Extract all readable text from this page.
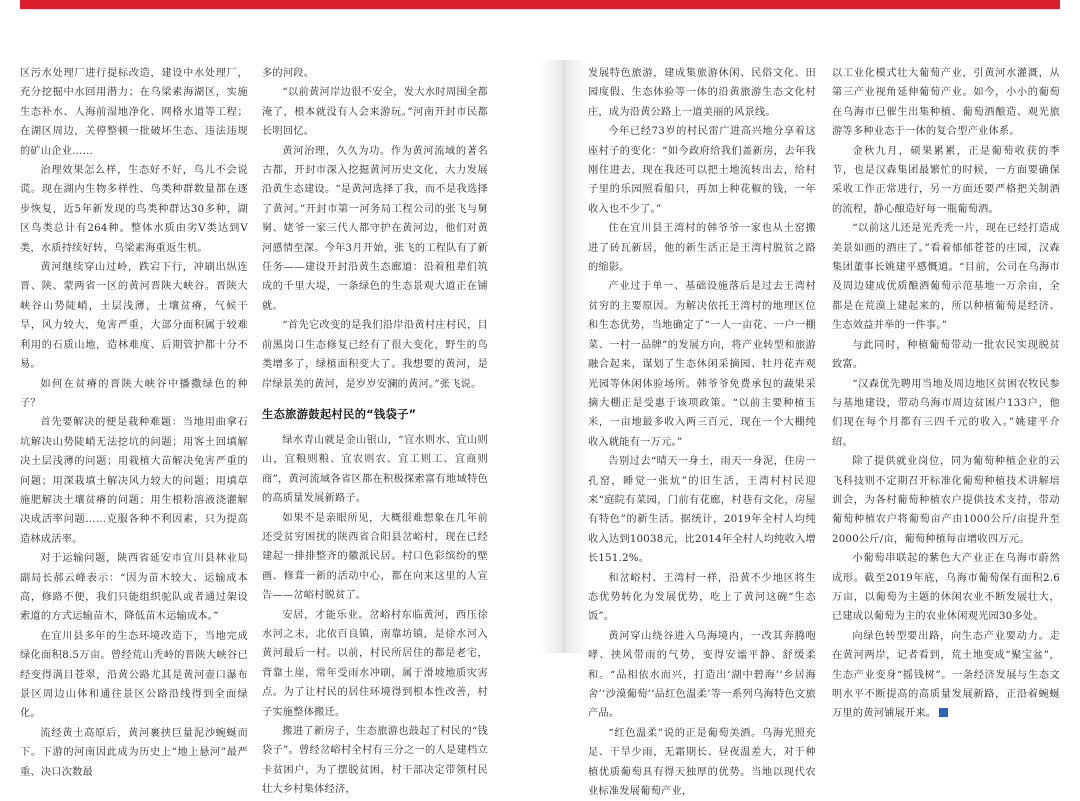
区污水处理厂进行提标改造，建设中水处理厂，充分挖掘中水回用潜力；在乌梁素海湖区，实施生态补水、人海前湿地净化、网格水道等工程；在湖区周边，关停整顿一批破坏生态、违法违规的矿山企业……

治理效果怎么样，生态好不好，鸟儿不会说谎。现在湖内生物多样性、鸟类种群数量都在逐步恢复，近5年新发现的鸟类种群达30多种，湖区鸟类总计有264种。整体水质由劣Ⅴ类达到Ⅴ类，水质持续好转，乌梁素海重返生机。

黄河继续穿山过岭，跌宕下行，冲刷出纵连晋、陕、蒙两省一区的黄河晋陕大峡谷。晋陕大峡谷山势陡峭，土层浅薄，土壤贫瘠，气候干旱，风力较大，兔害严重，大部分面积属于较难利用的石质山地，造林难度、后期管护都十分不易。

如何在贫瘠的晋陕大峡谷中播撒绿色的种子？

首先要解决的便是栽种难题：当地用曲拿石坑解决山势陡峭无法挖坑的问题；用客土回填解决土层浅薄的问题；用栽植大苗解决兔害严重的问题；用深栽填土解决风力较大的问题；用填草施肥解决土壤贫瘠的问题；用生根粉溶液浇灌解决成活率问题……克服各种不利因素，只为提高造林成活率。

对于运输问题，陕西省延安市宜川县林业局副局长郝云峰表示：“因为苗木较大、运输成本高，修路不便，我们只能组织驼队或者通过架设索道的方式运输苗木，降低苗木运输成本。”

在宜川县多年的生态环境改造下，当地完成绿化面积8.5万亩。曾经荒山秃岭的晋陕大峡谷已经变得满目苍翠，沿黄公路尤其是黄河壶口瀑布景区周边山体和通往景区公路沿线得到全面绿化。

流经黄土高原后，黄河裹挟巨量泥沙蜿蜒而下。下游的河南因此成为历史上“地上悬河”最严重、决口次数最

多的河段。

“以前黄河岸边很不安全，发大水时周围全都淹了，根本就没有人会来游玩。”河南开封市民都长明回忆。

黄河治理，久久为功。作为黄河流域的著名古都，开封市深入挖掘黄河历史文化，大力发展沿黄生态建设。“是黄河选择了我，而不是我选择了黄河。”开封市第一河务局工程公司的张飞与舅舅、姥爷一家三代人都守护在黄河边，他们对黄河感情至深。今年3月开始，张飞的工程队有了新任务——建设开封沿黄生态廊道：沿着租辈们筑成的千里大堤，一条绿色的生态景观大道正在铺就。

“首先它改变的是我们沿岸沿黄村庄村民，目前黑岗口生态修复已经有了很大变化，野生的鸟类增多了，绿植面积变大了。我想要的黄河，是岸绿景美的黄河，是岁岁安澜的黄河。”张飞说。

生态旅游鼓起村民的“钱袋子”

绿水青山就是金山银山，“宜水则水、宜山则山，宜粮则粮、宜农则农、宜工则工、宜商则商”，黄河流域各省区都在积极探索富有地域特色的高质量发展新路子。

如果不是亲眼所见，大概很难想象在几年前还受贫穷困扰的陕西省合阳县岔峪村，现在已经建起一排排整齐的徽派民居。村口色彩缤纷的壁画、修葺一新的活动中心，都在向来这里的人宣告——岔峪村脱贫了。

安居，才能乐业。岔峪村东临黄河，西压徐水河之末，北依百良镇，南靠坊镇，是徐水河入黄河最后一村。以前，村民所居住的都是老宅，背靠土崖，常年受雨水冲刷，属于滑坡地质灾害点。为了让村民的居住环境得到根本性改善，村子实施整体搬迁。

搬进了新房子，生态旅游也鼓起了村民的“钱袋子”。曾经岔峪村全村有三分之一的人是建档立卡贫困户，为了摆脱贫困，村干部决定带领村民壮大乡村集体经济，

发展特色旅游，建成集旅游休闲、民俗文化、田园度假、生态体验等一体的沿黄旅游生态文化村庄，成为沿黄公路上一道美丽的风景线。

今年已经73岁的村民雷广进高兴地分享着这座村子的变化：“如今政府给我们盖新房，去年我刚住进去，现在我还可以把土地流转出去，给村子里的乐园照看船只，再加上种花椒的钱，一年收入也不少了。”

住在宜川县王湾村的韩爷爷一家也从土窑搬进了砖瓦新居，他的新生活正是王湾村脱贫之路的缩影。

产业过于单一、基础设施落后是过去王湾村贫穷的主要原因。为解决依托王湾村的地理区位和生态优势，当地确定了“一人一亩花、一户一棚菜、一村一品牌”的发展方向，将产业转型和旅游融合起来，谋划了生态休闲采摘园、牡丹花卉观光园等休闲体验场所。韩爷爷免费承包的蔬果采摘大棚正是受惠于该项政策。“以前主要种植玉米，一亩地最多收入两三百元，现在一个大棚纯收入就能有一万元。”

告别过去“晴天一身土，雨天一身泥，住房一孔窑，睡觉一张炕”的旧生活，王湾村村民迎来“庭院有菜园，门前有花廊，村巷有文化，房屋有特色”的新生活。据统计，2019年全村人均纯收入达到10038元，比2014年全村人均纯收入增长151.2%。

和岔峪村、王湾村一样，沿黄不少地区将生态优势转化为发展优势，吃上了黄河这碗“生态饭”。

黄河穿山绕谷进入乌海境内，一改其奔腾咆哮、挟风带雨的气势，变得安谧平静、舒缓柔和。“品相依水而兴，打造出‘湖中碧海’‘乡居海舍’‘沙漠葡萄’‘品红色温柔’等一系列乌海特色文旅产品。

“红色温柔”说的正是葡萄美酒。乌海光照充足、干旱少雨，无霜期长、昼夜温差大，对于种植优质葡萄具有得天独厚的优势。当地以现代农业标准发展葡萄产业，

以工业化模式壮大葡萄产业，引黄河水灌溉，从第三产业视角延伸葡萄产业。如今，小小的葡萄在乌海市已催生出集种植、葡萄酒酿造、观光旅游等多种业态于一体的复合型产业体系。

金秋九月，硕果累累，正是葡萄收获的季节，也是汉森集团最繁忙的时候，一方面要确保采收工作正常进行，另一方面还要严格把关制酒的流程，静心酿造好每一瓶葡萄酒。

“以前这儿还是光秃秃一片，现在已经打造成美景如画的酒庄了。”看着郁郁苍苍的庄园，汉森集团董事长姚建平感慨道。“目前，公司在乌海市及周边建成优质酿酒葡萄示范基地一万余亩，全都是在荒漠上建起来的，所以种植葡萄是经济、生态效益并举的一件事。”

与此同时，种植葡萄带动一批农民实现脱贫致富。

“汉森优先聘用当地及周边地区贫困农牧民参与基地建设，带动乌海市周边贫困户133户，他们现在每个月都有三四千元的收入。”姚建平介绍。

除了提供就业岗位，同为葡萄种植企业的云飞科技则不定期召开标准化葡萄种植技术讲解培训会，为各村葡萄种植农户提供技术支持，带动葡萄种植农户将葡萄亩产由1000公斤/亩提升至2000公斤/亩，葡萄种植每亩增收四万元。

小葡萄串联起的紫色大产业正在乌海市蔚然成形。截至2019年底，乌海市葡萄保有面积2.6万亩，以葡萄为主题的休闲农业不断发展壮大，已建成以葡萄为主的农业休闲观光园30多处。

向绿色转型要出路，向生态产业要动力。走在黄河两岸，记者看到，荒土地变成“聚宝盆”，生态产业变身“摇钱树”。一条经济发展与生态文明水平不断提高的高质量发展新路，正沿着蜿蜒万里的黄河铺展开来。
